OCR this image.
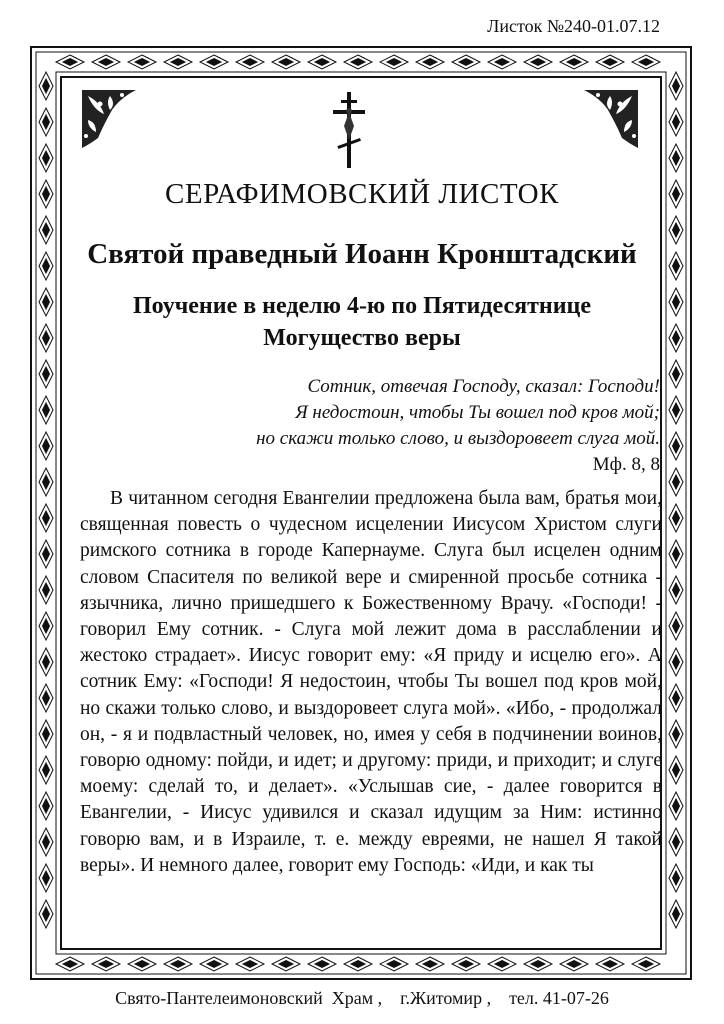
Листок №240-01.07.12
СЕРАФИМОВСКИЙ ЛИСТОК
Святой праведный Иоанн Кронштадский
Поучение в неделю 4-ю по Пятидесятнице
Могущество веры
Сотник, отвечая Господу, сказал: Господи!
Я недостоин, чтобы Ты вошел под кров мой;
но скажи только слово, и выздоровеет слуга мой.
Мф. 8, 8

В читанном сегодня Евангелии предложена была вам, братья мои, священная повесть о чудесном исцелении Иисусом Христом слуги римского сотника в городе Капернауме. Слуга был исцелен одним словом Спасителя по великой вере и смиренной просьбе сотника - язычника, лично пришедшего к Божественному Врачу. «Господи! - говорил Ему сотник. - Слуга мой лежит дома в расслаблении и жестоко страдает». Иисус говорит ему: «Я приду и исцелю его». А сотник Ему: «Господи! Я недостоин, чтобы Ты вошел под кров мой, но скажи только слово, и выздоровеет слуга мой». «Ибо, - продолжал он, - я и подвластный человек, но, имея у себя в подчинении воинов, говорю одному: пойди, и идет; и другому: приди, и приходит; и слуге моему: сделай то, и делает». «Услышав сие, - далее говорится в Евангелии, - Иисус удивился и сказал идущим за Ним: истинно говорю вам, и в Израиле, т. е. между евреями, не нашел Я такой веры». И немного далее, говорит ему Господь: «Иди, и как ты

Свято-Пантелеимоновский  Храм ,    г.Житомир ,    тел. 41-07-26
